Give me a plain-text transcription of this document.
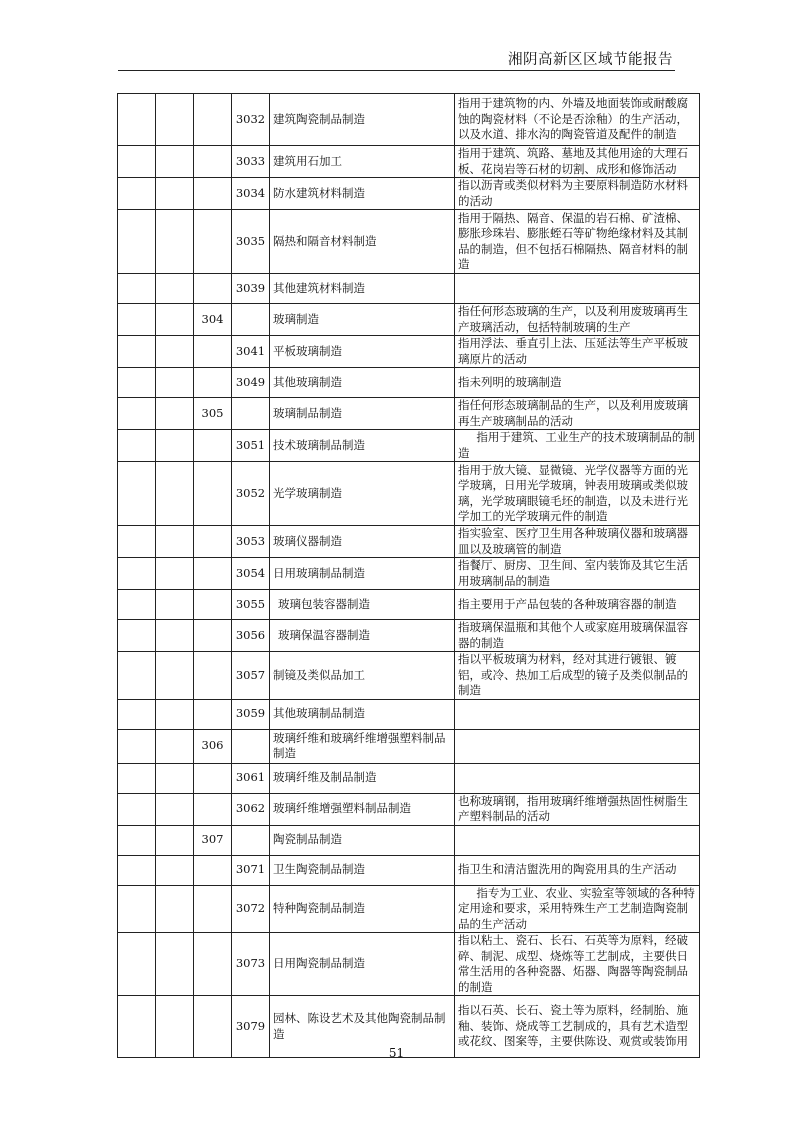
湘阴高新区区域节能报告
			3032	建筑陶瓷制品制造	指用于建筑物的内、外墙及地面装饰或耐酸腐蚀的陶瓷材料（不论是否涂釉）的生产活动，以及水道、排水沟的陶瓷管道及配件的制造
			3033	建筑用石加工	指用于建筑、筑路、墓地及其他用途的大理石板、花岗岩等石材的切割、成形和修饰活动
			3034	防水建筑材料制造	指以沥青或类似材料为主要原料制造防水材料的活动
			3035	隔热和隔音材料制造	指用于隔热、隔音、保温的岩石棉、矿渣棉、膨胀珍珠岩、膨胀蛭石等矿物绝缘材料及其制品的制造，但不包括石棉隔热、隔音材料的制造
			3039	其他建筑材料制造	
		304		玻璃制造	指任何形态玻璃的生产，以及利用废玻璃再生产玻璃活动，包括特制玻璃的生产
			3041	平板玻璃制造	指用浮法、垂直引上法、压延法等生产平板玻璃原片的活动
			3049	其他玻璃制造	指未列明的玻璃制造
		305		玻璃制品制造	指任何形态玻璃制品的生产，以及利用废玻璃再生产玻璃制品的活动
			3051	技术玻璃制品制造	指用于建筑、工业生产的技术玻璃制品的制造
			3052	光学玻璃制造	指用于放大镜、显微镜、光学仪器等方面的光学玻璃，日用光学玻璃，钟表用玻璃或类似玻璃，光学玻璃眼镜毛坯的制造，以及未进行光学加工的光学玻璃元件的制造
			3053	玻璃仪器制造	指实验室、医疗卫生用各种玻璃仪器和玻璃器皿以及玻璃管的制造
			3054	日用玻璃制品制造	指餐厅、厨房、卫生间、室内装饰及其它生活用玻璃制品的制造
			3055	玻璃包装容器制造	指主要用于产品包装的各种玻璃容器的制造
			3056	玻璃保温容器制造	指玻璃保温瓶和其他个人或家庭用玻璃保温容器的制造
			3057	制镜及类似品加工	指以平板玻璃为材料，经对其进行镀银、镀铝，或冷、热加工后成型的镜子及类似制品的制造
			3059	其他玻璃制品制造	
		306		玻璃纤维和玻璃纤维增强塑料制品制造	
			3061	玻璃纤维及制品制造	
			3062	玻璃纤维增强塑料制品制造	也称玻璃钢，指用玻璃纤维增强热固性树脂生产塑料制品的活动
		307		陶瓷制品制造	
			3071	卫生陶瓷制品制造	指卫生和清洁盥洗用的陶瓷用具的生产活动
			3072	特种陶瓷制品制造	指专为工业、农业、实验室等领域的各种特定用途和要求，采用特殊生产工艺制造陶瓷制品的生产活动
			3073	日用陶瓷制品制造	指以粘土、瓷石、长石、石英等为原料，经破碎、制泥、成型、烧炼等工艺制成，主要供日常生活用的各种瓷器、炻器、陶器等陶瓷制品的制造
			3079	园林、陈设艺术及其他陶瓷制品制造	指以石英、长石、瓷土等为原料，经制胎、施釉、装饰、烧成等工艺制成的，具有艺术造型或花纹、图案等，主要供陈设、观赏或装饰用
51
